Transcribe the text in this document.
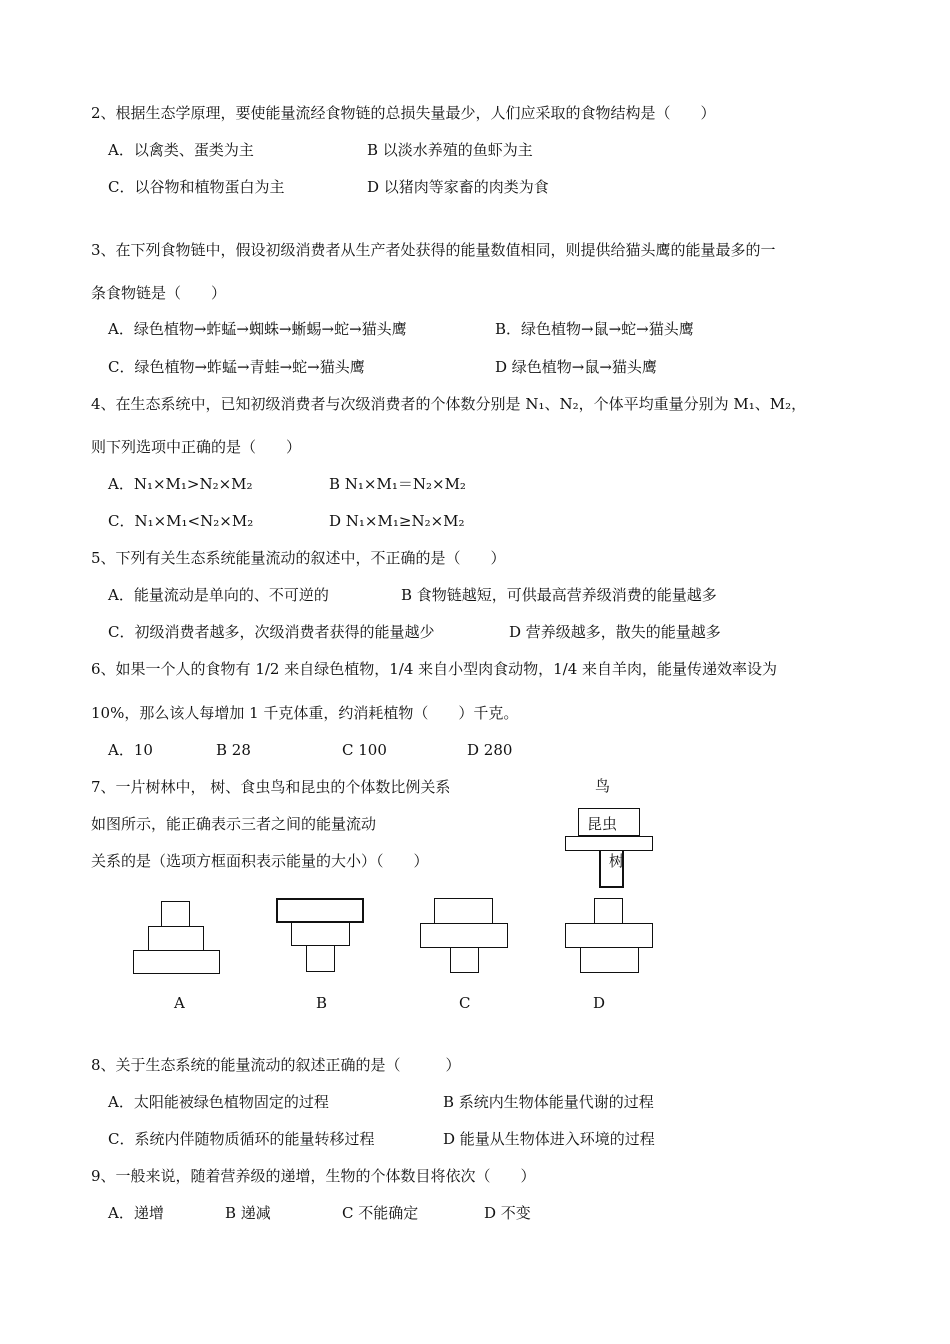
2、根据生态学原理，要使能量流经食物链的总损失量最少，人们应采取的食物结构是（　　）
A．以禽类、蛋类为主	B 以淡水养殖的鱼虾为主
C．以谷物和植物蛋白为主	D 以猪肉等家畜的肉类为食
3、在下列食物链中，假设初级消费者从生产者处获得的能量数值相同，则提供给猫头鹰的能量最多的一
条食物链是（　　）
A．绿色植物→蚱蜢→蜘蛛→蜥蜴→蛇→猫头鹰	B．绿色植物→鼠→蛇→猫头鹰
C．绿色植物→蚱蜢→青蛙→蛇→猫头鹰	D 绿色植物→鼠→猫头鹰
4、在生态系统中，已知初级消费者与次级消费者的个体数分别是 N₁、N₂，个体平均重量分别为 M₁、M₂，
则下列选项中正确的是（　　）
A．N₁×M₁>N₂×M₂	B N₁×M₁＝N₂×M₂
C．N₁×M₁<N₂×M₂	D N₁×M₁≥N₂×M₂
5、下列有关生态系统能量流动的叙述中，不正确的是（　　）
A．能量流动是单向的、不可逆的	B 食物链越短，可供最高营养级消费的能量越多
C．初级消费者越多，次级消费者获得的能量越少	D 营养级越多，散失的能量越多
6、如果一个人的食物有 1/2 来自绿色植物，1/4 来自小型肉食动物，1/4 来自羊肉，能量传递效率设为
10%，那么该人每增加 1 千克体重，约消耗植物（　　）千克。
A．10	B 28	C 100	D 280
7、一片树林中， 树、食虫鸟和昆虫的个体数比例关系
如图所示，能正确表示三者之间的能量流动
关系的是（选项方框面积表示能量的大小）（　　）
鸟
昆虫
树
A	B	C	D
8、关于生态系统的能量流动的叙述正确的是（　　　）
A．太阳能被绿色植物固定的过程	B 系统内生物体能量代谢的过程
C．系统内伴随物质循环的能量转移过程	D 能量从生物体进入环境的过程
9、一般来说，随着营养级的递增，生物的个体数目将依次（　　）
A．递增	B 递减	C 不能确定	D 不变
